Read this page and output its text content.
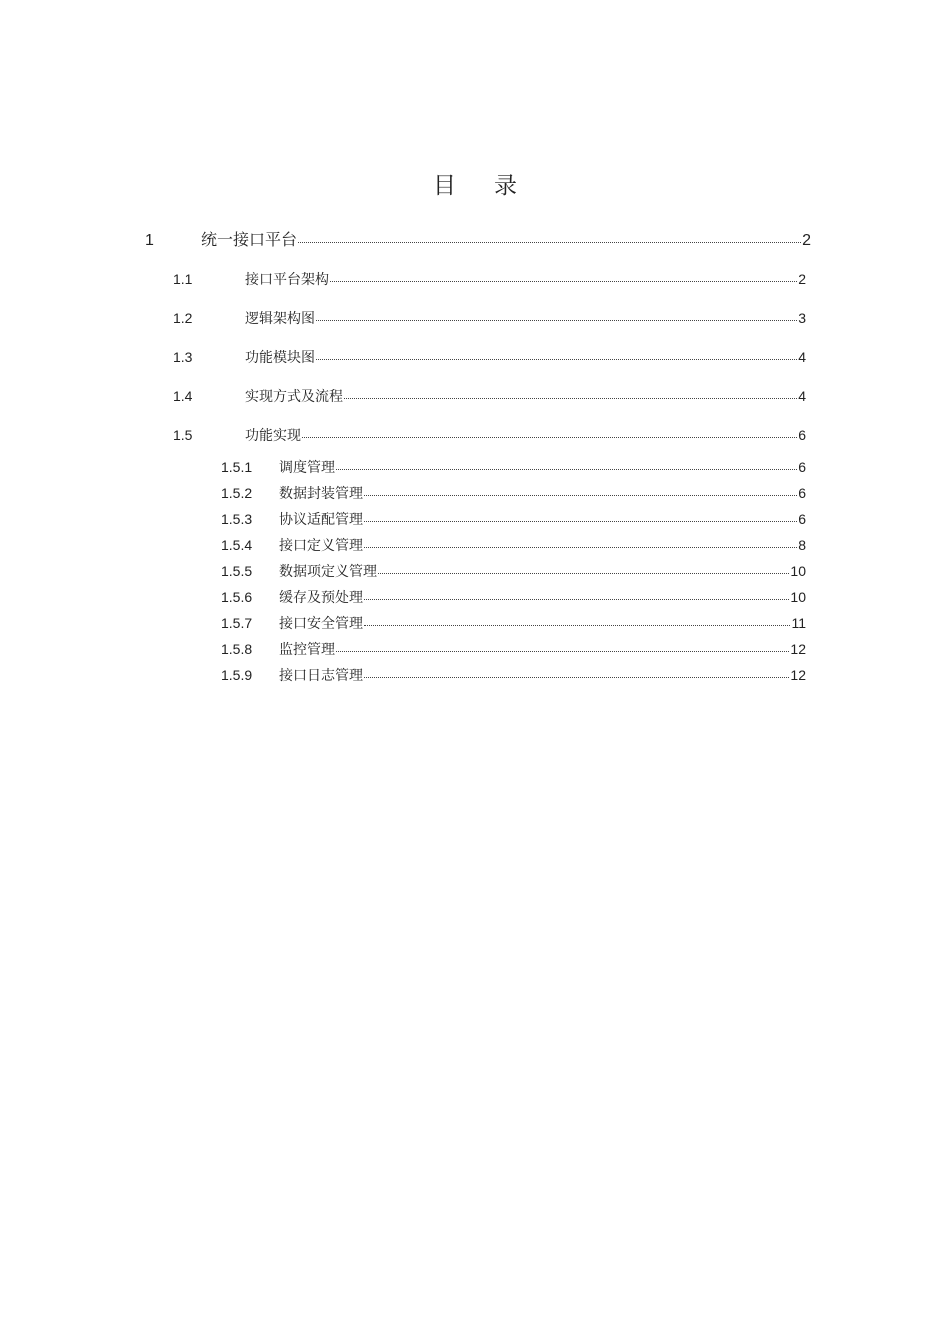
目录
1	统一接口平台	2
1.1	接口平台架构	2
1.2	逻辑架构图	3
1.3	功能模块图	4
1.4	实现方式及流程	4
1.5	功能实现	6
1.5.1	调度管理	6
1.5.2	数据封装管理	6
1.5.3	协议适配管理	6
1.5.4	接口定义管理	8
1.5.5	数据项定义管理	10
1.5.6	缓存及预处理	10
1.5.7	接口安全管理	11
1.5.8	监控管理	12
1.5.9	接口日志管理	12
